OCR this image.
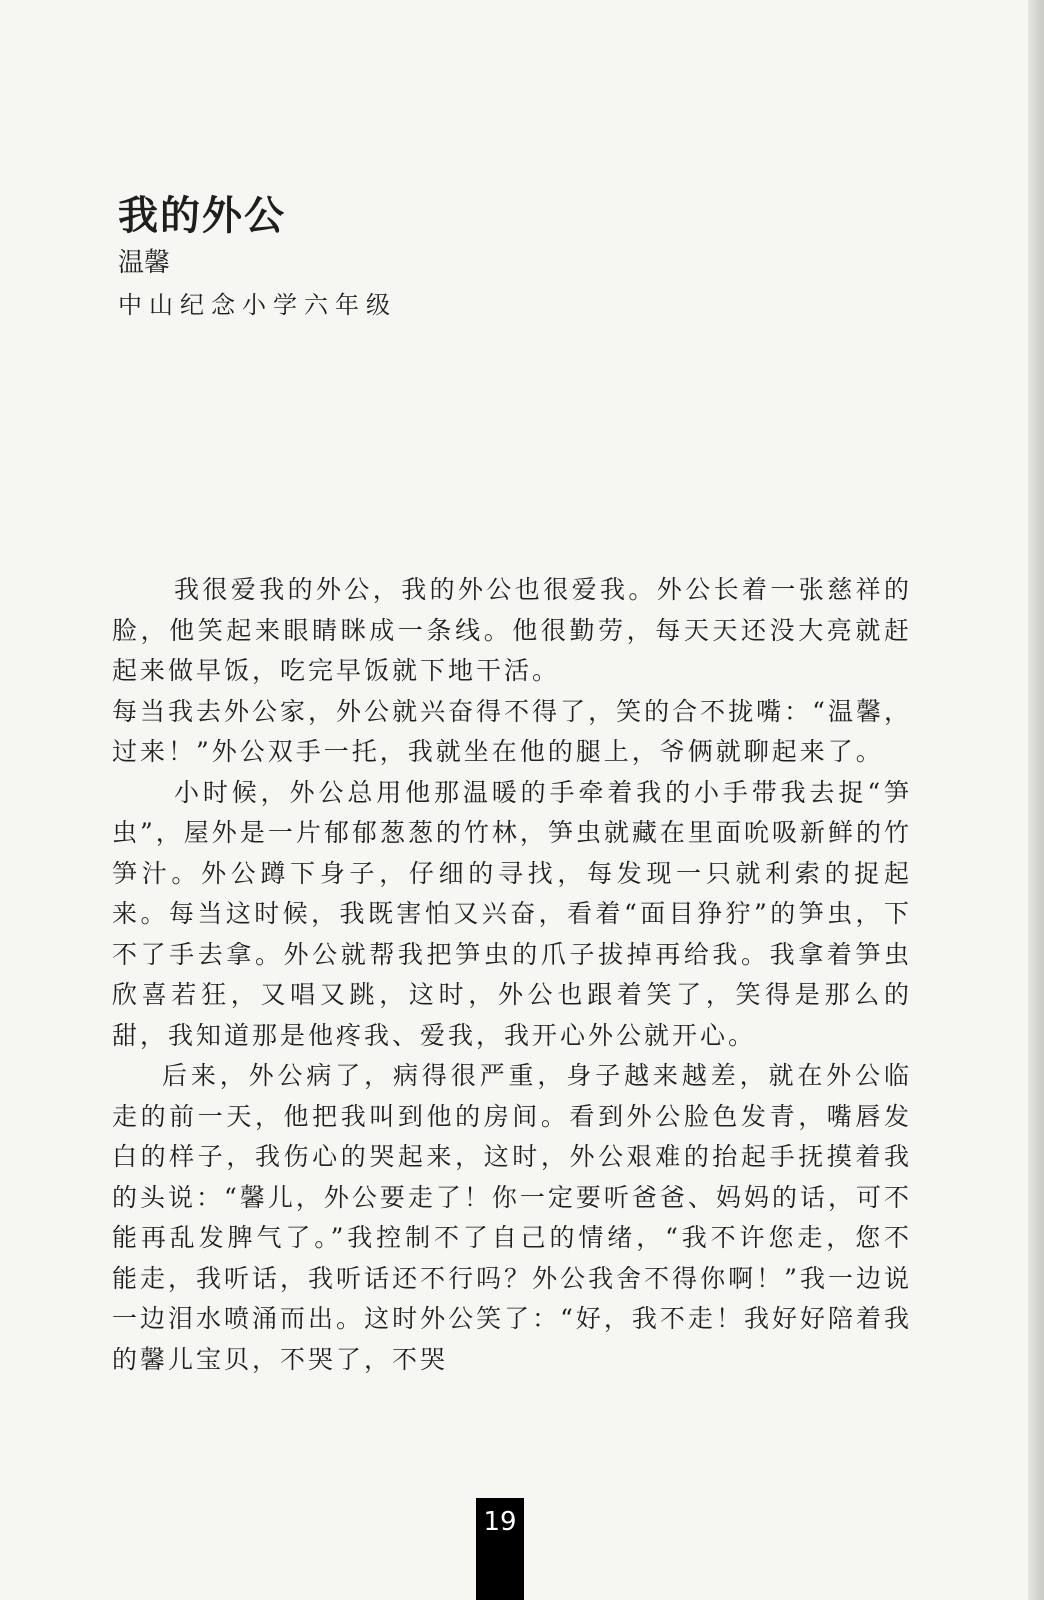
我的外公

温馨

中山纪念小学六年级

我很爱我的外公，我的外公也很爱我。外公长着一张慈祥的脸，他笑起来眼睛眯成一条线。他很勤劳，每天天还没大亮就赶起来做早饭，吃完早饭就下地干活。

每当我去外公家，外公就兴奋得不得了，笑的合不拢嘴：“温馨，过来！”外公双手一托，我就坐在他的腿上，爷俩就聊起来了。

小时候，外公总用他那温暖的手牵着我的小手带我去捉“笋虫”，屋外是一片郁郁葱葱的竹林，笋虫就藏在里面吮吸新鲜的竹笋汁。外公蹲下身子，仔细的寻找，每发现一只就利索的捉起来。每当这时候，我既害怕又兴奋，看着“面目狰狞”的笋虫，下不了手去拿。外公就帮我把笋虫的爪子拔掉再给我。我拿着笋虫欣喜若狂，又唱又跳，这时，外公也跟着笑了，笑得是那么的甜，我知道那是他疼我、爱我，我开心外公就开心。

后来，外公病了，病得很严重，身子越来越差，就在外公临走的前一天，他把我叫到他的房间。看到外公脸色发青，嘴唇发白的样子，我伤心的哭起来，这时，外公艰难的抬起手抚摸着我的头说：“馨儿，外公要走了！你一定要听爸爸、妈妈的话，可不能再乱发脾气了。”我控制不了自己的情绪，“我不许您走，您不能走，我听话，我听话还不行吗？外公我舍不得你啊！”我一边说一边泪水喷涌而出。这时外公笑了：“好，我不走！我好好陪着我的馨儿宝贝，不哭了，不哭

19
